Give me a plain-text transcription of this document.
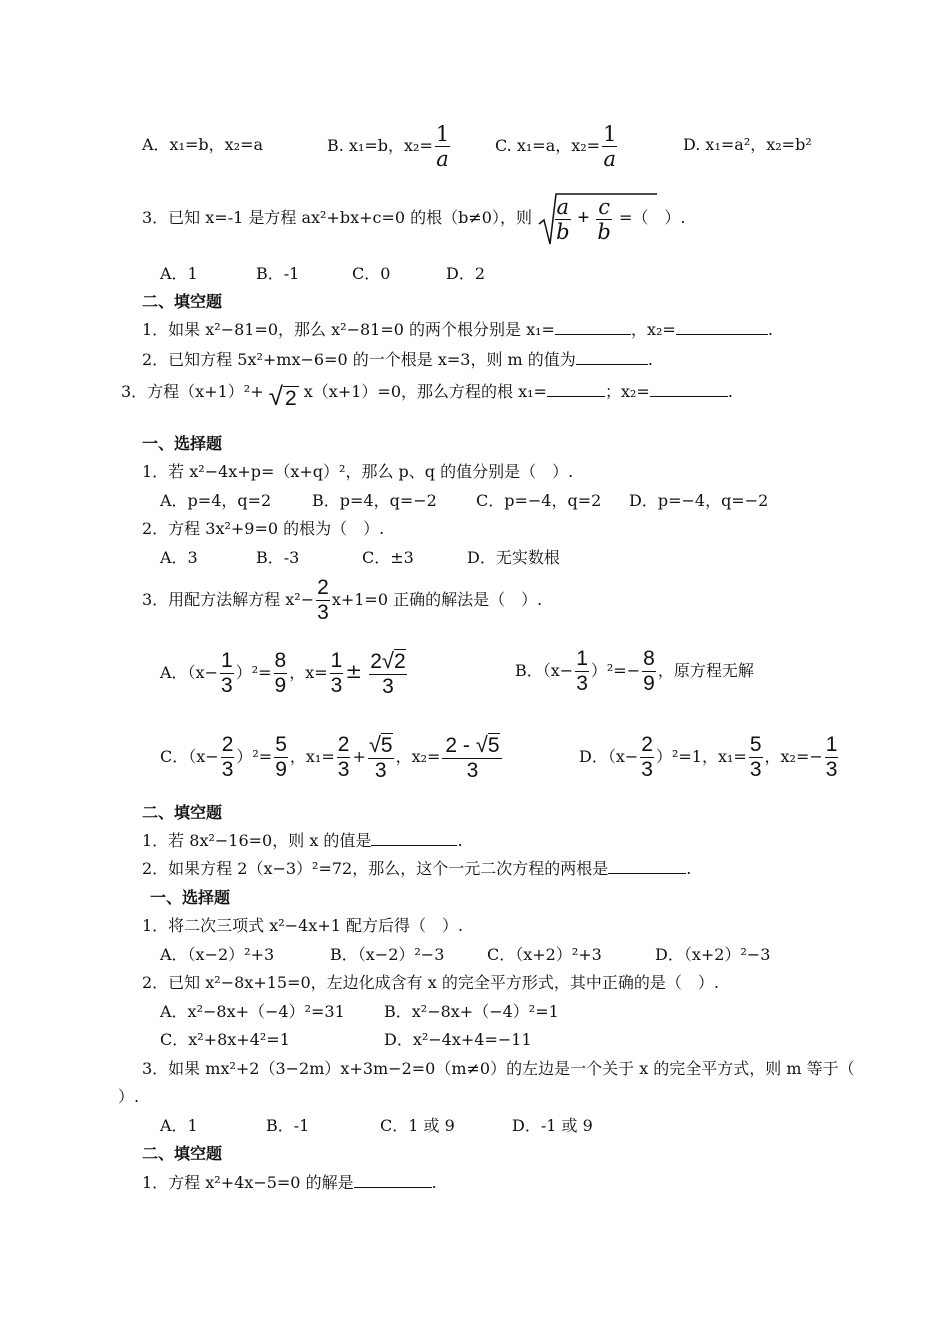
A．x₁=b，x₂=a	B. x₁=b，$x_2= \frac{1}{a}$	C. x₁=a，$x_2= \frac{1}{a}$	D. x₁=a²，x₂=b²
3．已知 x=-1 是方程 ax²+bx+c=0 的根（b≠0），则 $\frac{a}{b} + \frac{c}{b}$ =（　）.
A．1	B．-1	C．0	D．2
二、填空题
1．如果 x²−81=0，那么 x²−81=0 的两个根分别是 x₁=	，x₂=	.
2．已知方程 5x²+mx−6=0 的一个根是 x=3，则 m 的值为	.
3．方程（x+1）²+ √2 x（x+1）=0，那么方程的根 x₁=	；x₂=	.
一、选择题
1．若 x²−4x+p=（x+q）²，那么 p、q 的值分别是（　）.
A．p=4，q=2	B．p=4，q=−2 C．p=−4，q=2 D．p=−4，q=−2
2．方程 3x²+9=0 的根为（　）.
A．3	B．-3	C．±3	D．无实数根
3．用配方法解方程 $x^2- \frac{2}{3} x+1=0$ 正确的解法是（　）.
A．$(x- \frac{1}{3} )^2= \frac{8}{9}$ ，$x= \frac{1}{3} \pm \frac{2√2}{3}$	B．$(x- \frac{1}{3} )^2=- \frac{8}{9}$ ，原方程无解
C．$(x- \frac{2}{3} )^2= \frac{5}{9}$ ，$x_1= \frac{2}{3} + \frac{√5}{3}$ ，$x_2= \frac{2 - √5}{3}$	D．$(x- \frac{2}{3} )^2=1$，$x_1= \frac{5}{3}$ ，$x_2=- \frac{1}{3}$
二、填空题
1．若 8x²−16=0，则 x 的值是	.
2．如果方程 2（x−3）²=72，那么，这个一元二次方程的两根是	.
一、选择题
1．将二次三项式 x²−4x+1 配方后得（　）.
A．（x−2）²+3	B．（x−2）²−3	C．（x+2）²+3	D．（x+2）²−3
2．已知 x²−8x+15=0，左边化成含有 x 的完全平方形式，其中正确的是（　）.
A．x²−8x+（−4）²=31 B．x²−8x+（−4）²=1
C．x²+8x+4²=1	D．x²−4x+4=−11
3．如果 mx²+2（3−2m）x+3m−2=0（m≠0）的左边是一个关于 x 的完全平方式，则 m 等于（
）.
A．1	B．-1	C．1 或 9	D．-1 或 9
二、填空题
1．方程 x²+4x−5=0 的解是	.
